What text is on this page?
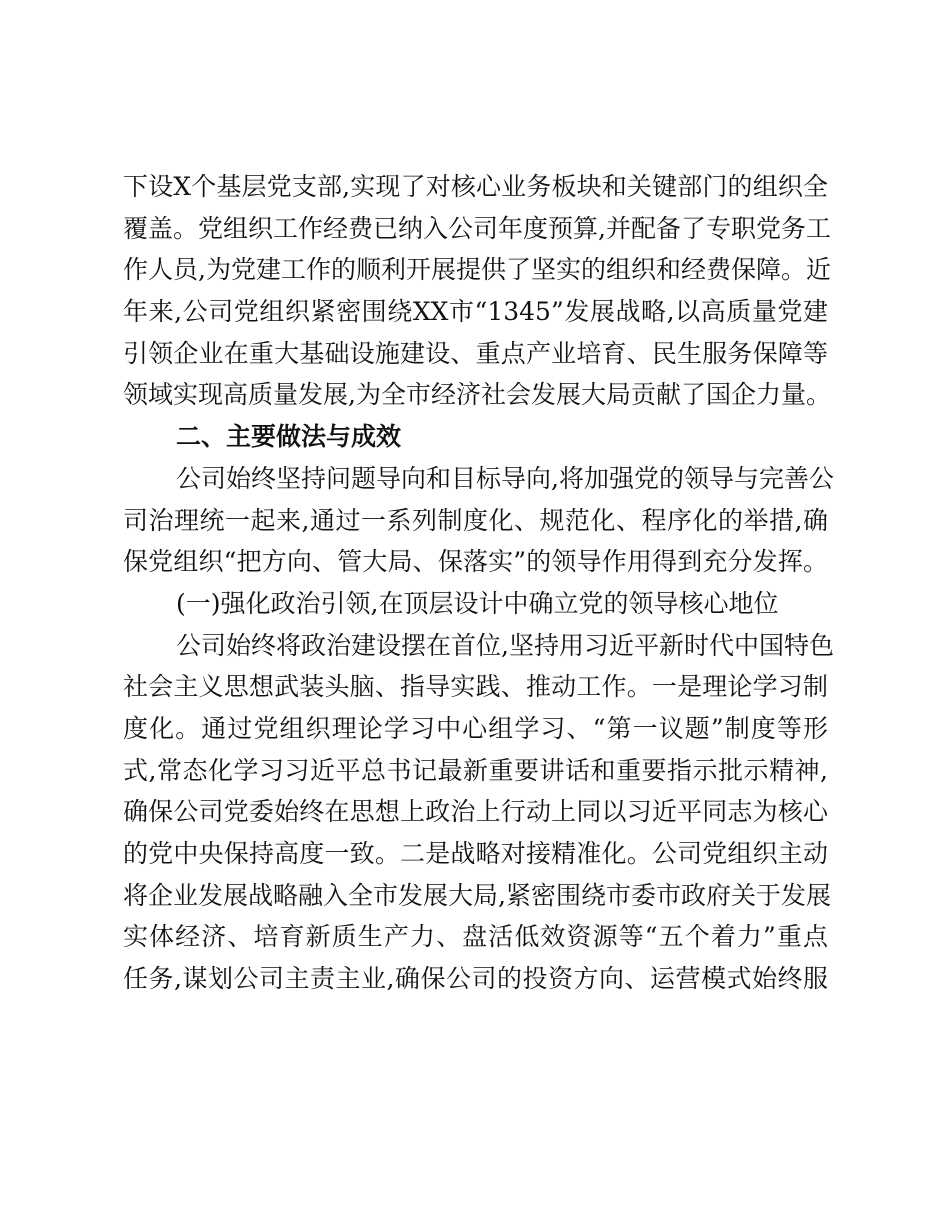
下设X个基层党支部,实现了对核心业务板块和关键部门的组织全
覆盖。党组织工作经费已纳入公司年度预算,并配备了专职党务工
作人员,为党建工作的顺利开展提供了坚实的组织和经费保障。近
年来,公司党组织紧密围绕XX市“1345”发展战略,以高质量党建
引领企业在重大基础设施建设、重点产业培育、民生服务保障等
领域实现高质量发展,为全市经济社会发展大局贡献了国企力量。
二、主要做法与成效
公司始终坚持问题导向和目标导向,将加强党的领导与完善公
司治理统一起来,通过一系列制度化、规范化、程序化的举措,确
保党组织“把方向、管大局、保落实”的领导作用得到充分发挥。
(一)强化政治引领,在顶层设计中确立党的领导核心地位
公司始终将政治建设摆在首位,坚持用习近平新时代中国特色
社会主义思想武装头脑、指导实践、推动工作。一是理论学习制
度化。通过党组织理论学习中心组学习、“第一议题”制度等形
式,常态化学习习近平总书记最新重要讲话和重要指示批示精神,
确保公司党委始终在思想上政治上行动上同以习近平同志为核心
的党中央保持高度一致。二是战略对接精准化。公司党组织主动
将企业发展战略融入全市发展大局,紧密围绕市委市政府关于发展
实体经济、培育新质生产力、盘活低效资源等“五个着力”重点
任务,谋划公司主责主业,确保公司的投资方向、运营模式始终服
